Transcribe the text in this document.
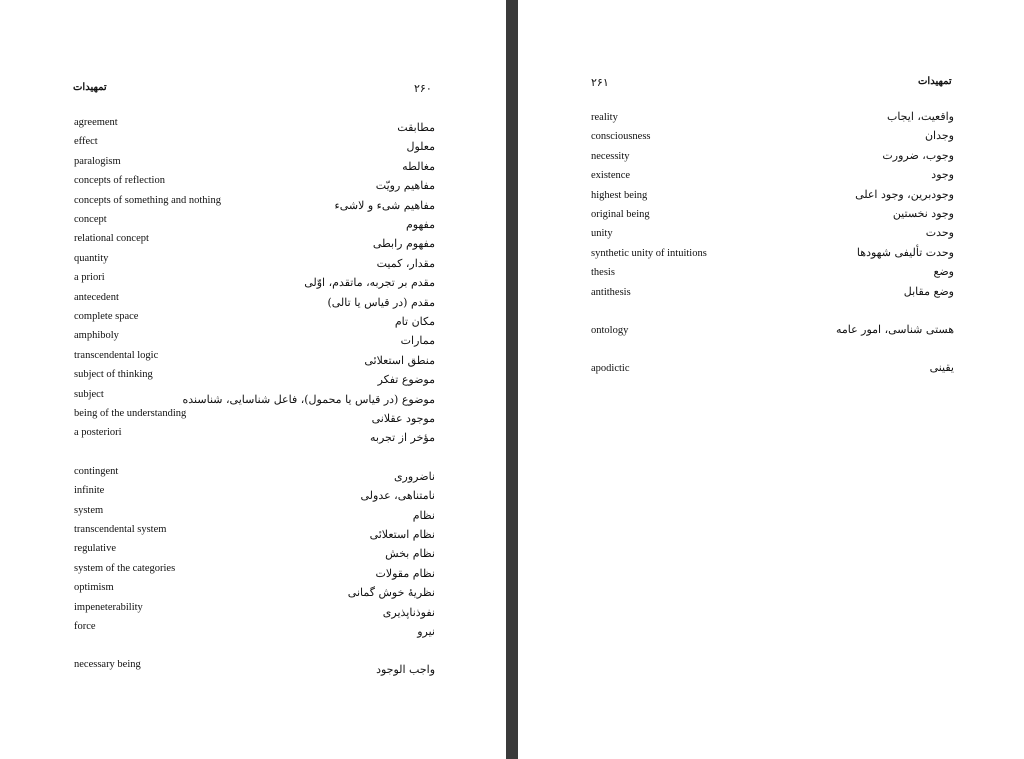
تمهیدات	۲۶۰
agreement	مطابقت
effect	معلول
paralogism	مغالطه
concepts of reflection	مفاهیم رویّت
concepts of something and nothing	مفاهیم شیء و لاشیء
concept	مفهوم
relational concept	مفهوم رابطی
quantity	مقدار، کمیت
a priori	مقدم بر تجربه، ماتقدم، اوّلی
antecedent	مقدم (در قیاس یا تالی)
complete space	مکان تام
amphiboly	ممارات
transcendental logic	منطق استعلائی
subject of thinking	موضوع تفکر
subject	موضوع (در قیاس یا محمول)، فاعل شناسایی، شناسنده
being of the understanding	موجود عقلانی
a posteriori	مؤخر از تجربه
contingent	ناضروری
infinite	نامتناهی، عدولی
system	نظام
transcendental system	نظام استعلائی
regulative	نظام بخش
system of the categories	نظام مقولات
optimism	نظریهٔ خوش گمانی
impeneterability	نفوذناپذیری
force	نیرو
necessary being	واجب الوجود
۲۶۱	تمهیدات
reality	واقعیت، ایجاب
consciousness	وجدان
necessity	وجوب، ضرورت
existence	وجود
highest being	وجودبرین، وجود اعلی
original being	وجود نخستین
unity	وحدت
synthetic unity of intuitions	وحدت تألیفی شهودها
thesis	وضع
antithesis	وضع مقابل
ontology	هستی شناسی، امور عامه
apodictic	یقینی
